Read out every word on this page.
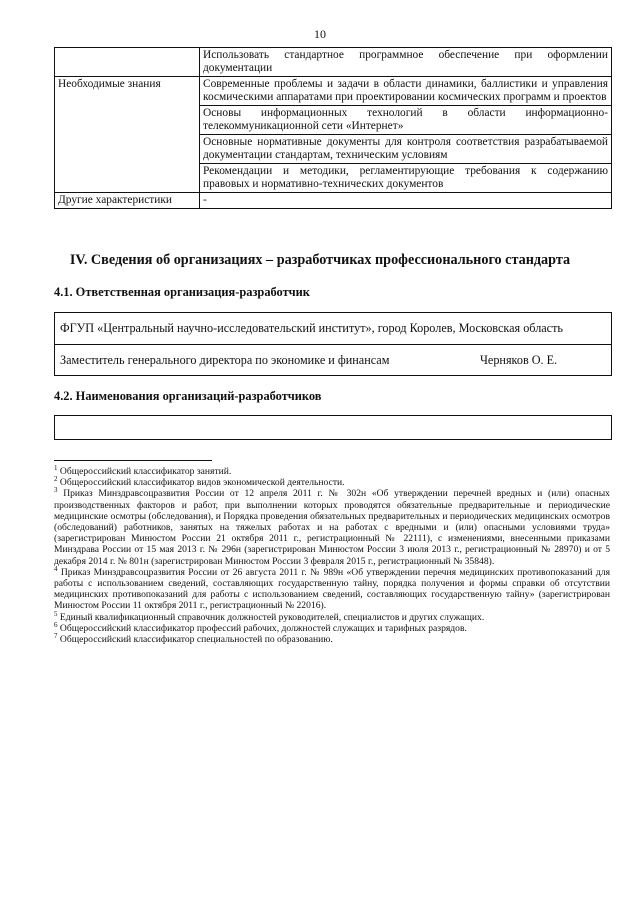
10
	Использовать стандартное программное обеспечение при оформлении документации
Необходимые знания	Современные проблемы и задачи в области динамики, баллистики и управления космическими аппаратами при проектировании космических программ и проектов
	Основы информационных технологий в области информационно-телекоммуникационной сети «Интернет»
	Основные нормативные документы для контроля соответствия разрабатываемой документации стандартам, техническим условиям
	Рекомендации и методики, регламентирующие требования к содержанию правовых и нормативно-технических документов
Другие характеристики	-
IV. Сведения об организациях – разработчиках профессионального стандарта
4.1. Ответственная организация-разработчик
ФГУП «Центральный научно-исследовательский институт», город Королев, Московская область
Заместитель генерального директора по экономике и финансам	Черняков О. Е.
4.2. Наименования организаций-разработчиков

$^1$ Общероссийский классификатор занятий.

$^2$ Общероссийский классификатор видов экономической деятельности.

$^3$ Приказ Минздравсоцразвития России от 12 апреля 2011 г. № 302н «Об утверждении перечней вредных и (или) опасных производственных факторов и работ, при выполнении которых проводятся обязательные предварительные и периодические медицинские осмотры (обследования), и Порядка проведения обязательных предварительных и периодических медицинских осмотров (обследований) работников, занятых на тяжелых работах и на работах с вредными и (или) опасными условиями труда» (зарегистрирован Минюстом России 21 октября 2011 г., регистрационный № 22111), с изменениями, внесенными приказами Минздрава России от 15 мая 2013 г. № 296н (зарегистрирован Минюстом России 3 июля 2013 г., регистрационный № 28970) и от 5 декабря 2014 г. № 801н (зарегистрирован Минюстом России 3 февраля 2015 г., регистрационный № 35848).

$^4$ Приказ Минздравсоцразвития России от 26 августа 2011 г. № 989н «Об утверждении перечня медицинских противопоказаний для работы с использованием сведений, составляющих государственную тайну, порядка получения и формы справки об отсутствии медицинских противопоказаний для работы с использованием сведений, составляющих государственную тайну» (зарегистрирован Минюстом России 11 октября 2011 г., регистрационный № 22016).

$^5$ Единый квалификационный справочник должностей руководителей, специалистов и других служащих.

$^6$ Общероссийский классификатор профессий рабочих, должностей служащих и тарифных разрядов.

$^7$ Общероссийский классификатор специальностей по образованию.
